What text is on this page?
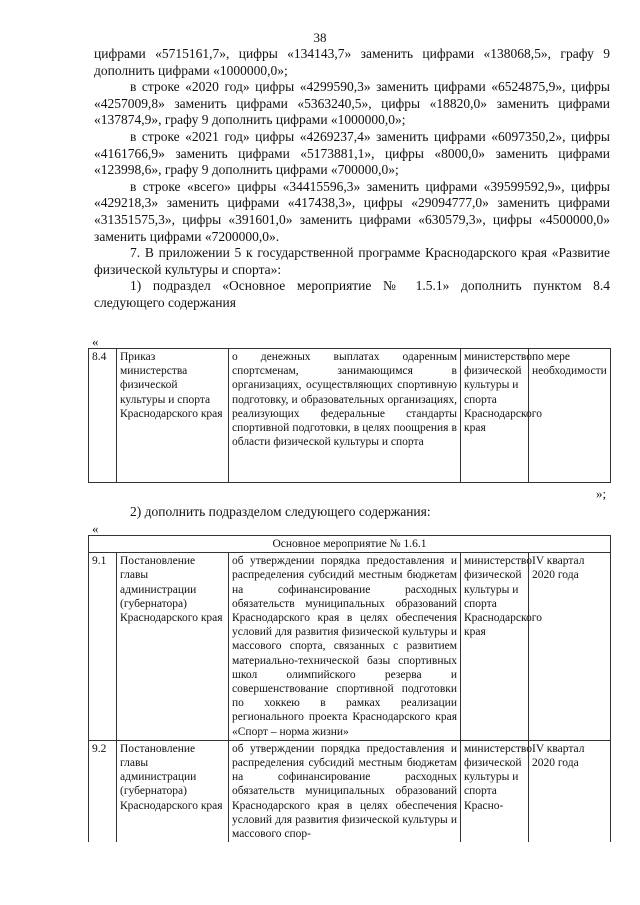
38

цифрами «5715161,7», цифры «134143,7» заменить цифрами «138068,5», графу 9 дополнить цифрами «1000000,0»;

в строке «2020 год» цифры «4299590,3» заменить цифрами «6524875,9», цифры «4257009,8» заменить цифрами «5363240,5», цифры «18820,0» заменить цифрами «137874,9», графу 9 дополнить цифрами «1000000,0»;

в строке «2021 год» цифры «4269237,4» заменить цифрами «6097350,2», цифры «4161766,9» заменить цифрами «5173881,1», цифры «8000,0» заменить цифрами «123998,6», графу 9 дополнить цифрами «700000,0»;

в строке «всего» цифры «34415596,3» заменить цифрами «39599592,9», цифры «429218,3» заменить цифрами «417438,3», цифры «29094777,0» заменить цифрами «31351575,3», цифры «391601,0» заменить цифрами «630579,3», цифры «4500000,0» заменить цифрами «7200000,0».

7. В приложении 5 к государственной программе Краснодарского края «Развитие физической культуры и спорта»:

1) подраздел «Основное мероприятие № 1.5.1» дополнить пунктом 8.4 следующего содержания

«
8.4	Приказ министерства физической культуры и спорта Краснодарского края	о денежных выплатах одаренным спортсменам, занимающимся в организациях, осуществляющих спортивную подготовку, и образовательных организациях, реализующих федеральные стандарты спортивной подготовки, в целях поощрения в области физической культуры и спорта	министерство физической культуры и спорта Краснодарского края	по мере необходимости
»;

2) дополнить подразделом следующего содержания:

«
Основное мероприятие № 1.6.1				
9.1	Постановление главы администрации (губернатора) Краснодарского края	об утверждении порядка предоставления и распределения субсидий местным бюджетам на софинансирование расходных обязательств муниципальных образований Краснодарского края в целях обеспечения условий для развития физической культуры и массового спорта, связанных с развитием материально-технической базы спортивных школ олимпийского резерва и совершенствование спортивной подготовки по хоккею в рамках реализации регионального проекта Краснодарского края «Спорт – норма жизни»	министерство физической культуры и спорта Краснодарского края	IV квартал 2020 года
9.2	Постановление главы администрации (губернатора) Краснодарского края	об утверждении порядка предоставления и распределения субсидий местным бюджетам на софинансирование расходных обязательств муниципальных образований Краснодарского края в целях обеспечения условий для развития физической культуры и массового спор-	министерство физической культуры и спорта Красно-	IV квартал 2020 года
